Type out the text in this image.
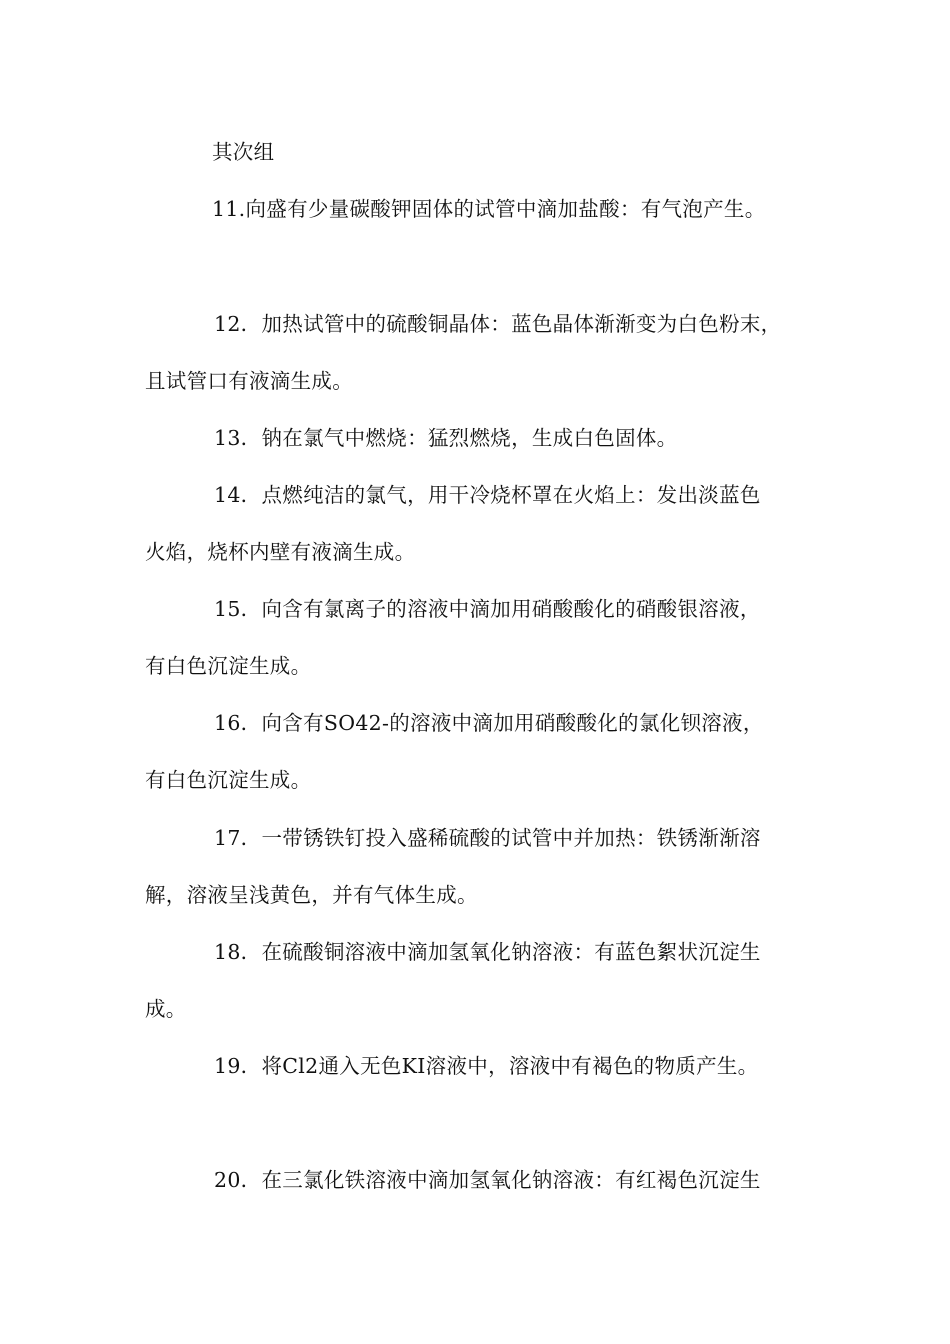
其次组
11.向盛有少量碳酸钾固体的试管中滴加盐酸：有气泡产生。
12．加热试管中的硫酸铜晶体：蓝色晶体渐渐变为白色粉末，
且试管口有液滴生成。
13．钠在氯气中燃烧：猛烈燃烧，生成白色固体。
14．点燃纯洁的氯气，用干冷烧杯罩在火焰上：发出淡蓝色
火焰，烧杯内壁有液滴生成。
15．向含有氯离子的溶液中滴加用硝酸酸化的硝酸银溶液，
有白色沉淀生成。
16．向含有SO42-的溶液中滴加用硝酸酸化的氯化钡溶液，
有白色沉淀生成。
17．一带锈铁钉投入盛稀硫酸的试管中并加热：铁锈渐渐溶
解，溶液呈浅黄色，并有气体生成。
18．在硫酸铜溶液中滴加氢氧化钠溶液：有蓝色絮状沉淀生
成。
19．将Cl2通入无色KI溶液中，溶液中有褐色的物质产生。
20．在三氯化铁溶液中滴加氢氧化钠溶液：有红褐色沉淀生
